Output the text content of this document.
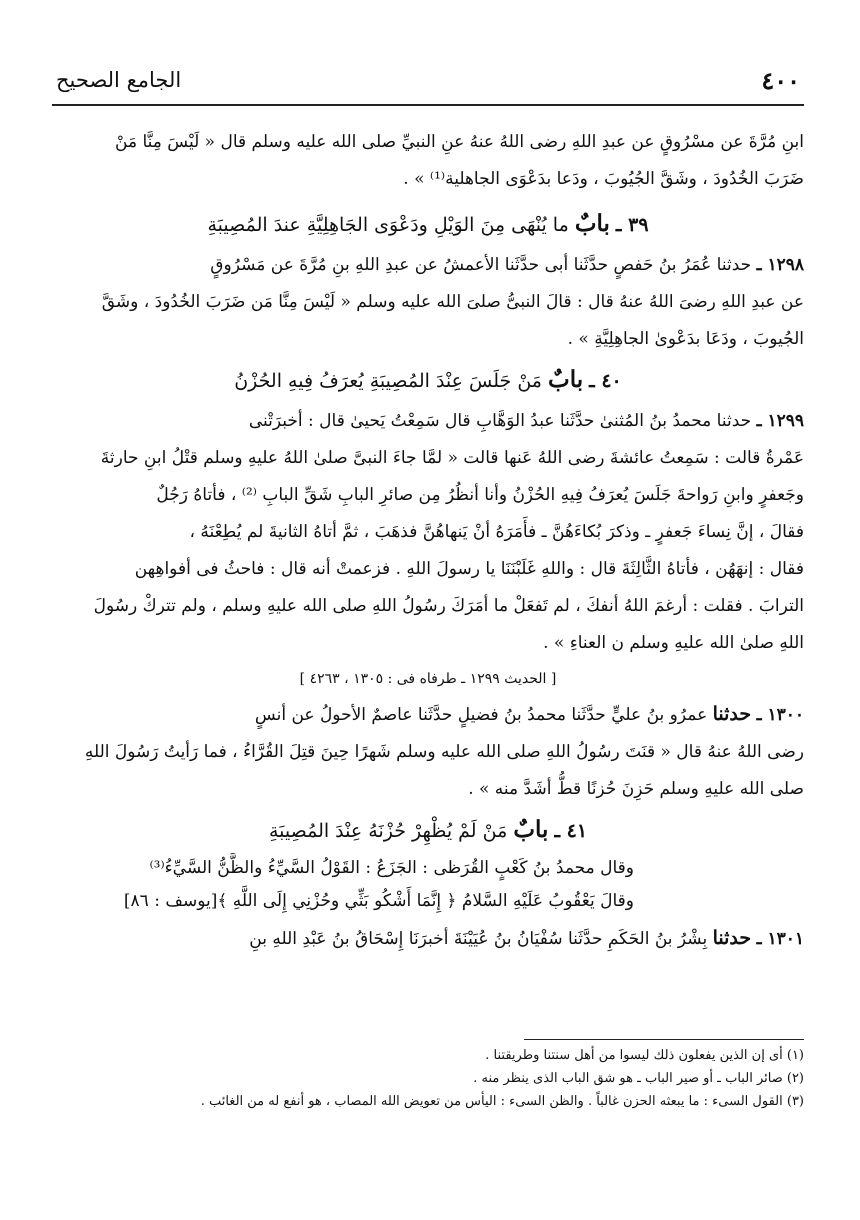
٤٠٠
الجامع الصحيح
ابنِ مُرَّةَ عن مسْرُوقٍ عن عبدِ اللهِ رضى اللهُ عنهُ عنِ النبيِّ صلى الله عليه وسلم قال « لَيْسَ مِنَّا مَنْ
ضَرَبَ الخُدُودَ ، وشَقَّ الجُيُوبَ ، ودَعا بدَعْوَى الجاهلية⁽¹⁾ » .
٣٩ ـ بابٌ ما يُنْهَى مِنَ الوَيْلِ ودَعْوَى الجَاهِلِيَّةِ عندَ المُصِيبَةِ
١٢٩٨ ـ حدثنا عُمَرُ بنُ حَفصٍ حدَّثَنا أبى حدَّثَنا الأعمشُ عن عبدِ اللهِ بنِ مُرَّةَ عن مَسْرُوقٍ
عن عبدِ اللهِ رضىَ اللهُ عنهُ قال : قالَ النبىُّ صلىَ الله عليه وسلم « لَيْسَ مِنَّا مَن ضَرَبَ الخُدُودَ ، وشَقَّ
الجُيوبَ ، ودَعَا بدَعْوىٰ الجاهِلِيَّةِ » .
٤٠ ـ بابٌ مَنْ جَلَسَ عِنْدَ المُصِيبَةِ يُعرَفُ فِيهِ الحُزْنُ
١٢٩٩ ـ حدثنا محمدُ بنُ المُثنىٰ حدَّثَنا عبدُ الوَهَّابِ قال سَمِعْتُ يَحيىٰ قال : أخبرَتْنى
عَمْرةُ قالت : سَمِعتُ عائشةَ رضى اللهُ عَنها قالت « لمَّا جاءَ النبىَّ صلىٰ اللهُ عليهِ وسلم قتْلُ ابنِ حارثةَ
وجَعفرٍ وابنِ رَواحةَ جَلَسَ يُعرَفُ فِيهِ الحُزْنُ وأنا أنظُرُ مِن صائرِ البابِ شَقِّ البابِ ⁽²⁾ ، فأتاهُ رَجُلٌ
فقالَ ، إنَّ نِساءَ جَعفرٍ ـ وذكرَ بُكاءَهُنَّ ـ فأَمَرَهُ أنْ يَنهاهُنَّ فذهَبَ ، ثمَّ أتاهُ الثانيةَ لم يُطِعْنَهُ ،
فقال : إنهَهُن ، فأتاهُ الثَّالِثَةَ قال : واللهِ غَلَبْنَنَا يا رسولَ اللهِ . فزعمتْ أنه قال : فاحثُ فى أفواهِهن
الترابَ . فقلت : أرغمَ اللهُ أنفكَ ، لم تَفعَلْ ما أمَرَكَ رسُولُ اللهِ صلى الله عليهِ وسلم ، ولم تتركْ رسُولَ
اللهِ صلىٰ الله عليهِ وسلم ن العناءِ » .
[ الحديث ١٢٩٩ ـ طرفاه فى : ١٣٠٥ ، ٤٢٦٣ ]
١٣٠٠ ـ حدثنا عمرُو بنُ عليٍّ حدَّثَنا محمدُ بنُ فضيلٍ حدَّثَنا عاصمٌ الأحولُ عن أنسٍ
رضى اللهُ عنهُ قال « قنَتَ رسُولُ اللهِ صلى الله عليه وسلم شَهرًا حِينَ قتِلَ القُرَّاءُ ، فما رَأيتُ رَسُولَ اللهِ
صلى الله عليهِ وسلم حَزِنَ حُزنًا قطُّ أشَدَّ منه » .
٤١ ـ بابٌ مَنْ لَمْ يُظْهِرْ حُزْنَهُ عِنْدَ المُصِيبَةِ
وقال محمدُ بنُ كَعْبٍ القُرَظى : الجَزَعُ : القَوْلُ السَّيِّءُ والظَّنُّ السَّيِّءُ⁽³⁾
وقالَ يَعْقُوبُ عَلَيْهِ السَّلامُ ﴿ إِنَّمَا أَشْكُو بَثِّي وحُزْنِي إِلَى اللَّهِ ﴾[يوسف : ٨٦]
١٣٠١ ـ حدثنا بِشْرُ بنُ الحَكَمِ حدَّثَنا سُفْيَانُ بنُ عُيَيْنَةَ أخبرَنَا إِسْحَاقُ بنُ عَبْدِ اللهِ بنِ
(١) أى إن الذين يفعلون ذلك ليسوا من أهل سنتنا وطريقتنا .
(٢) صائر الباب ـ أو صير الباب ـ هو شق الباب الذى ينظر منه .
(٣) القول السىء : ما يبعثه الحزن غالباً . والظن السىء : اليأس من تعويض الله المصاب ، هو أنفع له من الغائب .
